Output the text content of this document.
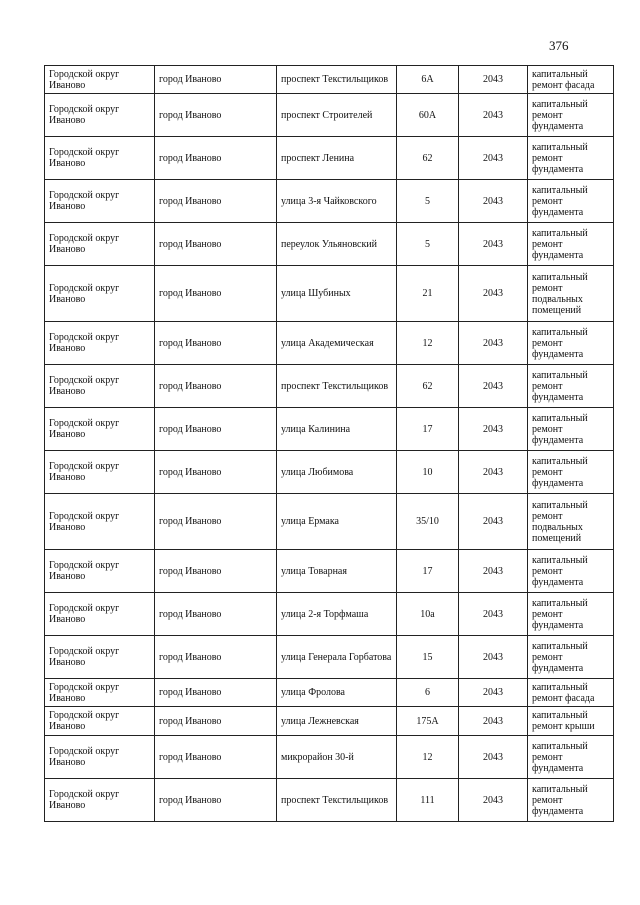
376
Городской округ Иваново	город Иваново	проспект Текстильщиков	6А	2043	капитальный ремонт фасада
Городской округ Иваново	город Иваново	проспект Строителей	60А	2043	капитальный ремонт фундамента
Городской округ Иваново	город Иваново	проспект Ленина	62	2043	капитальный ремонт фундамента
Городской округ Иваново	город Иваново	улица 3-я Чайковского	5	2043	капитальный ремонт фундамента
Городской округ Иваново	город Иваново	переулок Ульяновский	5	2043	капитальный ремонт фундамента
Городской округ Иваново	город Иваново	улица Шубиных	21	2043	капитальный ремонт подвальных помещений
Городской округ Иваново	город Иваново	улица Академическая	12	2043	капитальный ремонт фундамента
Городской округ Иваново	город Иваново	проспект Текстильщиков	62	2043	капитальный ремонт фундамента
Городской округ Иваново	город Иваново	улица Калинина	17	2043	капитальный ремонт фундамента
Городской округ Иваново	город Иваново	улица Любимова	10	2043	капитальный ремонт фундамента
Городской округ Иваново	город Иваново	улица Ермака	35/10	2043	капитальный ремонт подвальных помещений
Городской округ Иваново	город Иваново	улица Товарная	17	2043	капитальный ремонт фундамента
Городской округ Иваново	город Иваново	улица 2-я Торфмаша	10а	2043	капитальный ремонт фундамента
Городской округ Иваново	город Иваново	улица Генерала Горбатова	15	2043	капитальный ремонт фундамента
Городской округ Иваново	город Иваново	улица Фролова	6	2043	капитальный ремонт фасада
Городской округ Иваново	город Иваново	улица Лежневская	175А	2043	капитальный ремонт крыши
Городской округ Иваново	город Иваново	микрорайон 30-й	12	2043	капитальный ремонт фундамента
Городской округ Иваново	город Иваново	проспект Текстильщиков	111	2043	капитальный ремонт фундамента
